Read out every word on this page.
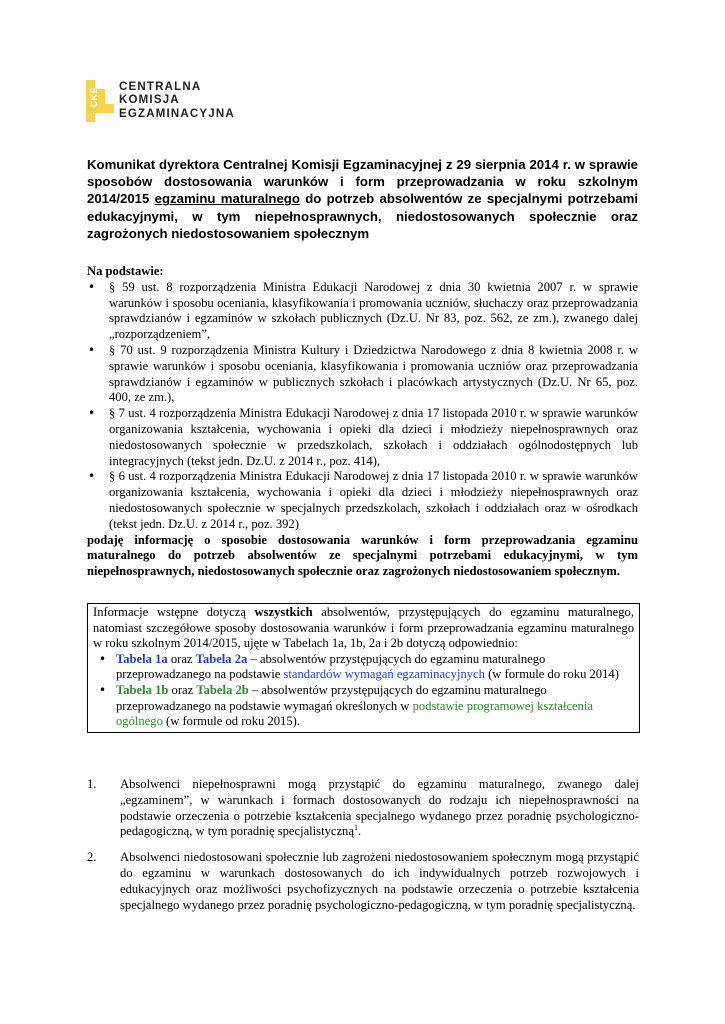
CKE
CENTRALNA
KOMISJA
EGZAMINACYJNA
Komunikat dyrektora Centralnej Komisji Egzaminacyjnej z 29 sierpnia 2014 r. w sprawie sposobów dostosowania warunków i form przeprowadzania w roku szkolnym 2014/2015 egzaminu maturalnego do potrzeb absolwentów ze specjalnymi potrzebami edukacyjnymi, w tym niepełnosprawnych, niedostosowanych społecznie oraz zagrożonych niedostosowaniem społecznym
Na podstawie:
• § 59 ust. 8 rozporządzenia Ministra Edukacji Narodowej z dnia 30 kwietnia 2007 r. w sprawie warunków i sposobu oceniania, klasyfikowania i promowania uczniów, słuchaczy oraz przeprowadzania sprawdzianów i egzaminów w szkołach publicznych (Dz.U. Nr 83, poz. 562, ze zm.), zwanego dalej „rozporządzeniem”,
• § 70 ust. 9 rozporządzenia Ministra Kultury i Dziedzictwa Narodowego z dnia 8 kwietnia 2008 r. w sprawie warunków i sposobu oceniania, klasyfikowania i promowania uczniów oraz przeprowadzania sprawdzianów i egzaminów w publicznych szkołach i placówkach artystycznych (Dz.U. Nr 65, poz. 400, ze zm.),
• § 7 ust. 4 rozporządzenia Ministra Edukacji Narodowej z dnia 17 listopada 2010 r. w sprawie warunków organizowania kształcenia, wychowania i opieki dla dzieci i młodzieży niepełnosprawnych oraz niedostosowanych społecznie w przedszkolach, szkołach i oddziałach ogólnodostępnych lub integracyjnych (tekst jedn. Dz.U. z 2014 r., poz. 414),
• § 6 ust. 4 rozporządzenia Ministra Edukacji Narodowej z dnia 17 listopada 2010 r. w sprawie warunków organizowania kształcenia, wychowania i opieki dla dzieci i młodzieży niepełnosprawnych oraz niedostosowanych społecznie w specjalnych przedszkolach, szkołach i oddziałach oraz w ośrodkach (tekst jedn. Dz.U. z 2014 r., poz. 392)
podaję informację o sposobie dostosowania warunków i form przeprowadzania egzaminu maturalnego do potrzeb absolwentów ze specjalnymi potrzebami edukacyjnymi, w tym niepełnosprawnych, niedostosowanych społecznie oraz zagrożonych niedostosowaniem społecznym.

Informacje wstępne dotyczą wszystkich absolwentów, przystępujących do egzaminu maturalnego, natomiast szczegółowe sposoby dostosowania warunków i form przeprowadzania egzaminu maturalnego w roku szkolnym 2014/2015, ujęte w Tabelach 1a, 1b, 2a i 2b dotyczą odpowiednio:

• Tabela 1a oraz Tabela 2a – absolwentów przystępujących do egzaminu maturalnego przeprowadzanego na podstawie standardów wymagań egzaminacyjnych (w formule do roku 2014)
• Tabela 1b oraz Tabela 2b – absolwentów przystępujących do egzaminu maturalnego przeprowadzanego na podstawie wymagań określonych w podstawie programowej kształcenia ogólnego (w formule od roku 2015).
1. Absolwenci niepełnosprawni mogą przystąpić do egzaminu maturalnego, zwanego dalej „egzaminem”, w warunkach i formach dostosowanych do rodzaju ich niepełnosprawności na podstawie orzeczenia o potrzebie kształcenia specjalnego wydanego przez poradnię psychologiczno-pedagogiczną, w tym poradnię specjalistyczną$^1$.
2. Absolwenci niedostosowani społecznie lub zagrożeni niedostosowaniem społecznym mogą przystąpić do egzaminu w warunkach dostosowanych do ich indywidualnych potrzeb rozwojowych i edukacyjnych oraz możliwości psychofizycznych na podstawie orzeczenia o potrzebie kształcenia specjalnego wydanego przez poradnię psychologiczno-pedagogiczną, w tym poradnię specjalistyczną.
